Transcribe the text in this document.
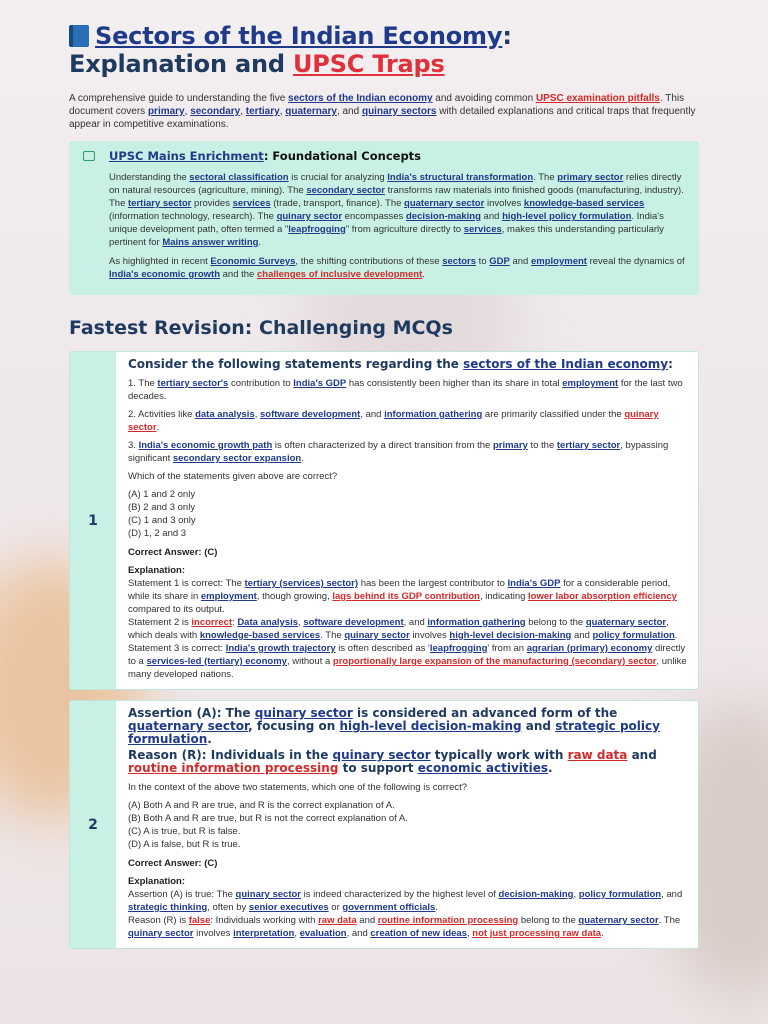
Sectors of the Indian Economy:
Explanation and UPSC Traps
A comprehensive guide to understanding the five sectors of the Indian economy and avoiding common UPSC examination pitfalls. This document covers primary, secondary, tertiary, quaternary, and quinary sectors with detailed explanations and critical traps that frequently appear in competitive examinations.
UPSC Mains Enrichment: Foundational Concepts

Understanding the sectoral classification is crucial for analyzing India's structural transformation. The primary sector relies directly on natural resources (agriculture, mining). The secondary sector transforms raw materials into finished goods (manufacturing, industry). The tertiary sector provides services (trade, transport, finance). The quaternary sector involves knowledge-based services (information technology, research). The quinary sector encompasses decision-making and high-level policy formulation. India's unique development path, often termed a "leapfrogging" from agriculture directly to services, makes this understanding particularly pertinent for Mains answer writing.

As highlighted in recent Economic Surveys, the shifting contributions of these sectors to GDP and employment reveal the dynamics of India's economic growth and the challenges of inclusive development.

Fastest Revision: Challenging MCQs
1
Consider the following statements regarding the sectors of the Indian economy:

1. The tertiary sector's contribution to India's GDP has consistently been higher than its share in total employment for the last two decades.

2. Activities like data analysis, software development, and information gathering are primarily classified under the quinary sector.

3. India's economic growth path is often characterized by a direct transition from the primary to the tertiary sector, bypassing significant secondary sector expansion.

Which of the statements given above are correct?

(A) 1 and 2 only
(B) 2 and 3 only
(C) 1 and 3 only
(D) 1, 2 and 3

Correct Answer: (C)

Explanation:
Statement 1 is correct: The tertiary (services) sector) has been the largest contributor to India's GDP for a considerable period, while its share in employment, though growing, lags behind its GDP contribution, indicating lower labor absorption efficiency compared to its output.
Statement 2 is incorrect: Data analysis, software development, and information gathering belong to the quaternary sector, which deals with knowledge-based services. The quinary sector involves high-level decision-making and policy formulation.
Statement 3 is correct: India's growth trajectory is often described as 'leapfrogging' from an agrarian (primary) economy directly to a services-led (tertiary) economy, without a proportionally large expansion of the manufacturing (secondary) sector, unlike many developed nations.
2
Assertion (A): The quinary sector is considered an advanced form of the quaternary sector, focusing on high-level decision-making and strategic policy formulation.
Reason (R): Individuals in the quinary sector typically work with raw data and routine information processing to support economic activities.

In the context of the above two statements, which one of the following is correct?

(A) Both A and R are true, and R is the correct explanation of A.
(B) Both A and R are true, but R is not the correct explanation of A.
(C) A is true, but R is false.
(D) A is false, but R is true.

Correct Answer: (C)

Explanation:
Assertion (A) is true: The quinary sector is indeed characterized by the highest level of decision-making, policy formulation, and strategic thinking, often by senior executives or government officials.
Reason (R) is false: Individuals working with raw data and routine information processing belong to the quaternary sector. The quinary sector involves interpretation, evaluation, and creation of new ideas, not just processing raw data.
